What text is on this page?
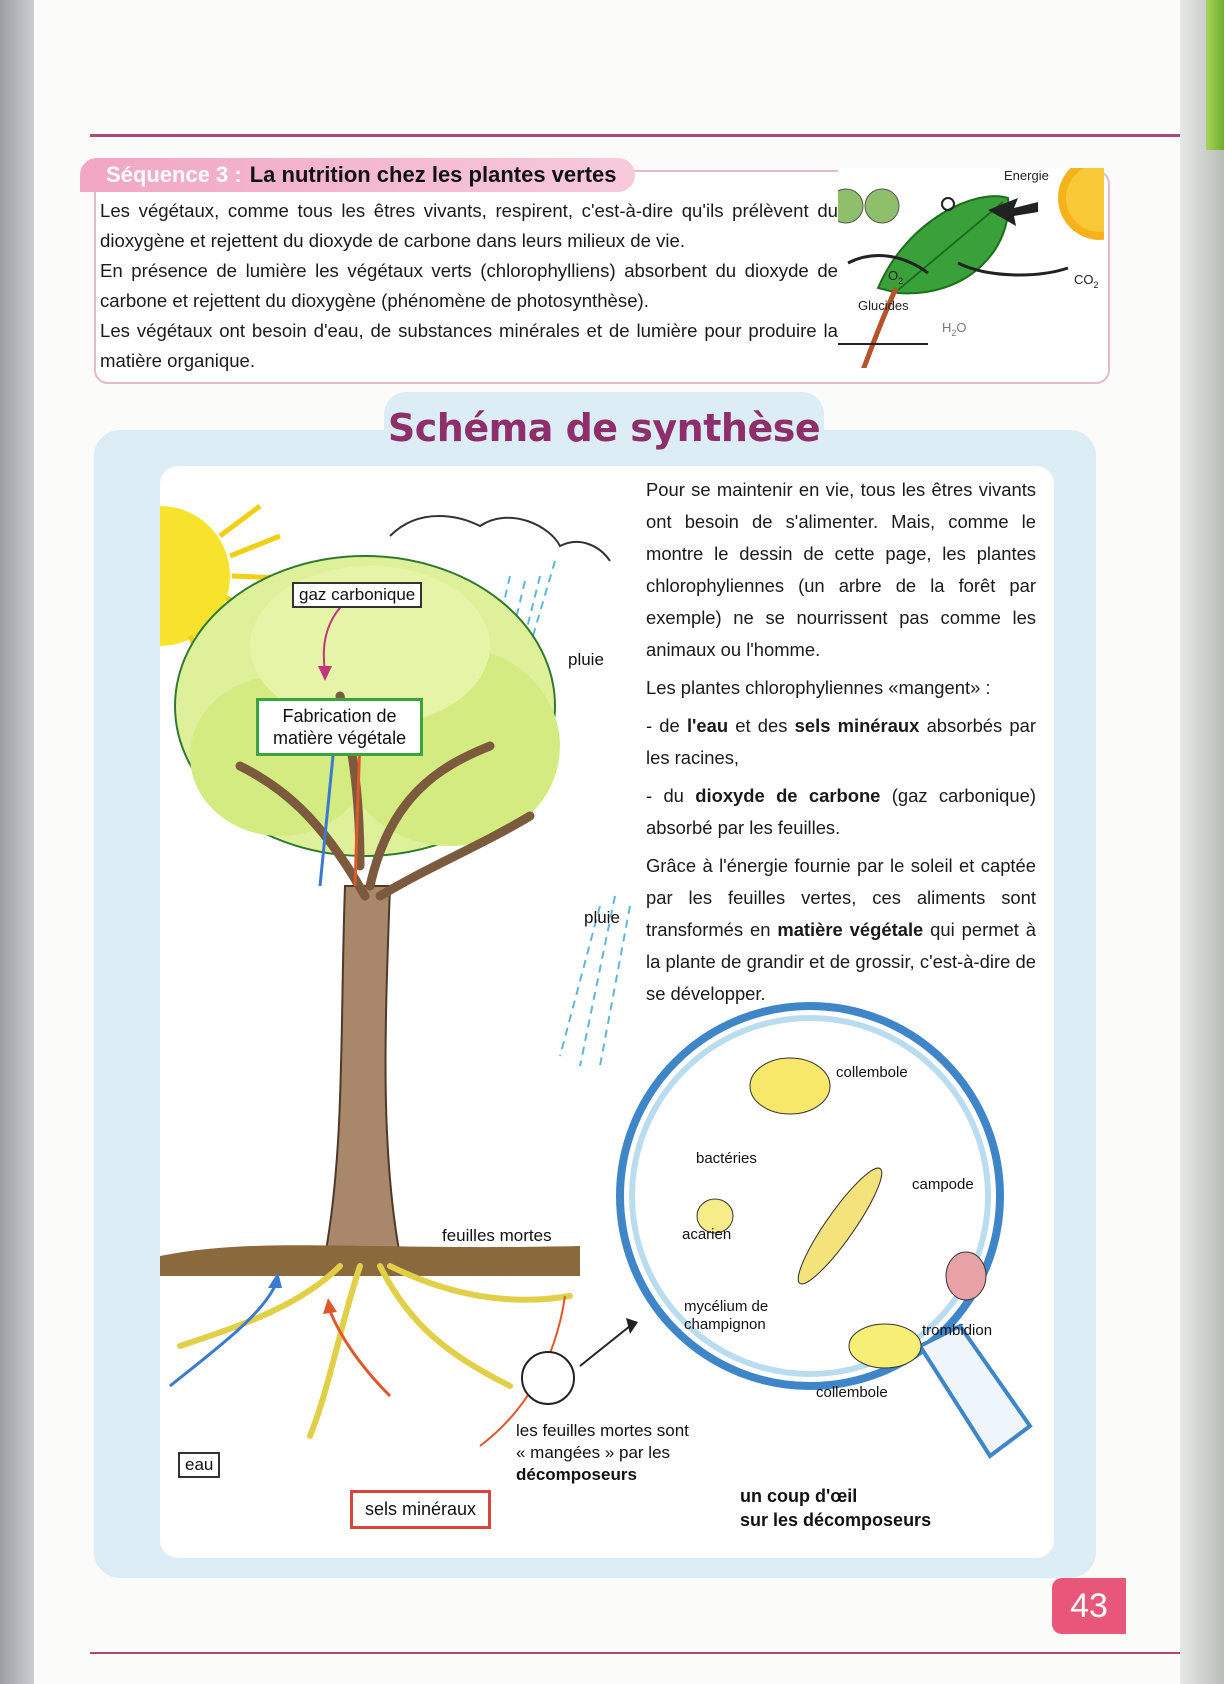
Séquence 3 : La nutrition chez les plantes vertes

Les végétaux, comme tous les êtres vivants, respirent, c'est-à-dire qu'ils prélèvent du dioxygène et rejettent du dioxyde de carbone dans leurs milieux de vie.

En présence de lumière les végétaux verts (chlorophylliens) absorbent du dioxyde de carbone et rejettent du dioxygène (phénomène de photosynthèse).

Les végétaux ont besoin d'eau, de substances minérales et de lumière pour produire la matière organique.

Energie
$O_2$	$CO_2$
Glucides
$H_2O$
Schéma de synthèse

Pour se maintenir en vie, tous les êtres vivants ont besoin de s'alimenter. Mais, comme le montre le dessin de cette page, les plantes chlorophyliennes (un arbre de la forêt par exemple) ne se nourrissent pas comme les animaux ou l'homme.

Les plantes chlorophyliennes «mangent» :

- de l'eau et des sels minéraux absorbés par les racines,

- du dioxyde de carbone (gaz carbonique) absorbé par les feuilles.

Grâce à l'énergie fournie par le soleil et captée par les feuilles vertes, ces aliments sont transformés en matière végétale qui permet à la plante de grandir et de grossir, c'est-à-dire de se développer.

gaz carbonique
Fabrication de
matière végétale
pluie
pluie
feuilles mortes
eau
sels minéraux
les feuilles mortes sont
« mangées » par les
décomposeurs
un coup d'œil
sur les décomposeurs
collembole
bactéries
campode
acarien
mycélium de
champignon	trombidion
collembole
43
